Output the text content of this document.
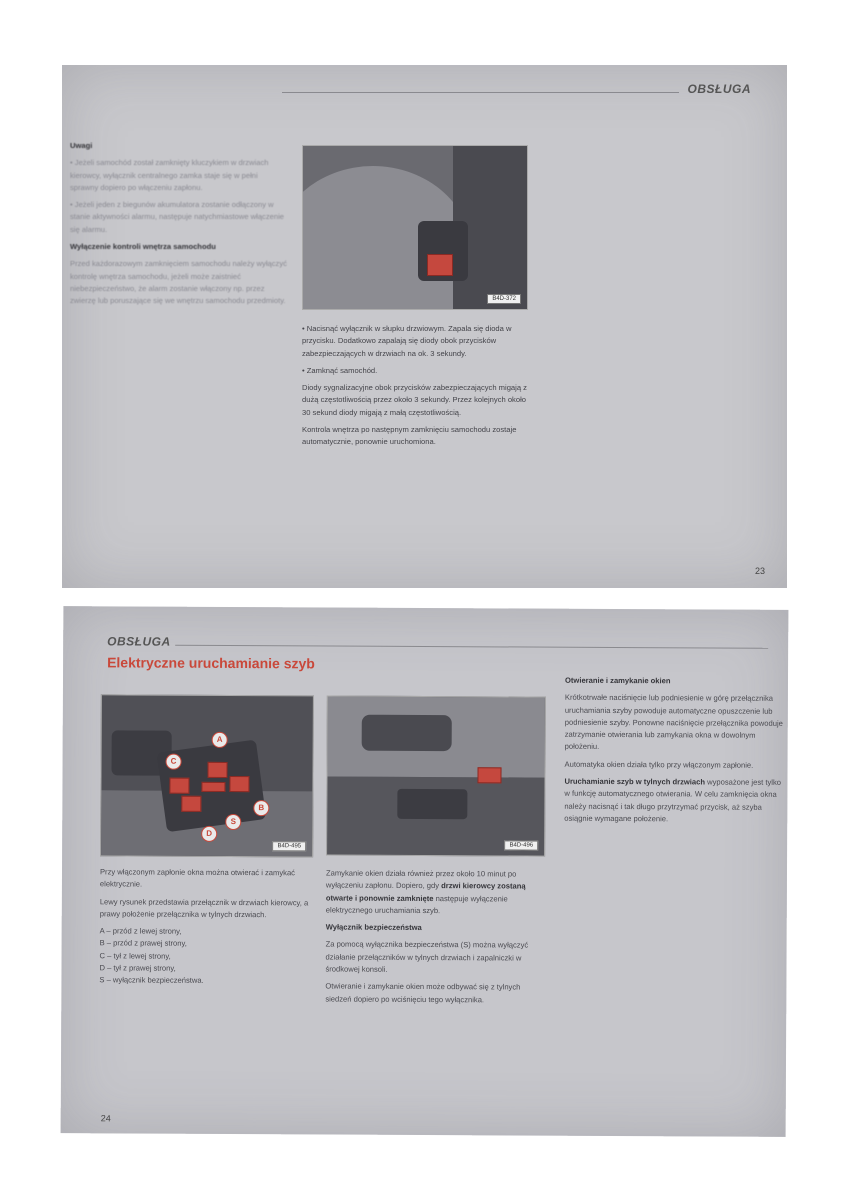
OBSŁUGA

Uwagi

• Jeżeli samochód został zamknięty kluczykiem w drzwiach kierowcy, wyłącznik centralnego zamka staje się w pełni sprawny dopiero po włączeniu zapłonu.

• Jeżeli jeden z biegunów akumulatora zostanie odłączony w stanie aktywności alarmu, następuje natychmiastowe włączenie się alarmu.

Wyłączenie kontroli wnętrza samochodu

Przed każdorazowym zamknięciem samochodu należy wyłączyć kontrolę wnętrza samochodu, jeżeli może zaistnieć niebezpieczeństwo, że alarm zostanie włączony np. przez zwierzę lub poruszające się we wnętrzu samochodu przedmioty.	B4D-372

• Nacisnąć wyłącznik w słupku drzwiowym. Zapala się dioda w przycisku. Dodatkowo zapalają się diody obok przycisków zabezpieczających w drzwiach na ok. 3 sekundy.

• Zamknąć samochód.

Diody sygnalizacyjne obok przycisków zabezpieczających migają z dużą częstotliwością przez około 3 sekundy. Przez kolejnych około 30 sekund diody migają z małą częstotliwością.

Kontrola wnętrza po następnym zamknięciu samochodu zostaje automatycznie, ponownie uruchomiona.

23
OBSŁUGA
Elektryczne uruchamianie szyb
A
C
B
S
D
B4D-495	B4D-496

Przy włączonym zapłonie okna można otwierać i zamykać elektrycznie.

Lewy rysunek przedstawia przełącznik w drzwiach kierowcy, a prawy położenie przełącznika w tylnych drzwiach.

A – przód z lewej strony,
B – przód z prawej strony,
C – tył z lewej strony,
D – tył z prawej strony,
S – wyłącznik bezpieczeństwa.

Zamykanie okien działa również przez około 10 minut po wyłączeniu zapłonu. Dopiero, gdy drzwi kierowcy zostaną otwarte i ponownie zamknięte następuje wyłączenie elektrycznego uruchamiania szyb.

Wyłącznik bezpieczeństwa

Za pomocą wyłącznika bezpieczeństwa (S) można wyłączyć działanie przełączników w tylnych drzwiach i zapalniczki w środkowej konsoli.

Otwieranie i zamykanie okien może odbywać się z tylnych siedzeń dopiero po wciśnięciu tego wyłącznika.

Otwieranie i zamykanie okien

Krótkotrwałe naciśnięcie lub podniesienie w górę przełącznika uruchamiania szyby powoduje automatyczne opuszczenie lub podniesienie szyby. Ponowne naciśnięcie przełącznika powoduje zatrzymanie otwierania lub zamykania okna w dowolnym położeniu.

Automatyka okien działa tylko przy włączonym zapłonie.

Uruchamianie szyb w tylnych drzwiach wyposażone jest tylko w funkcję automatycznego otwierania. W celu zamknięcia okna należy nacisnąć i tak długo przytrzymać przycisk, aż szyba osiągnie wymagane położenie.

24
